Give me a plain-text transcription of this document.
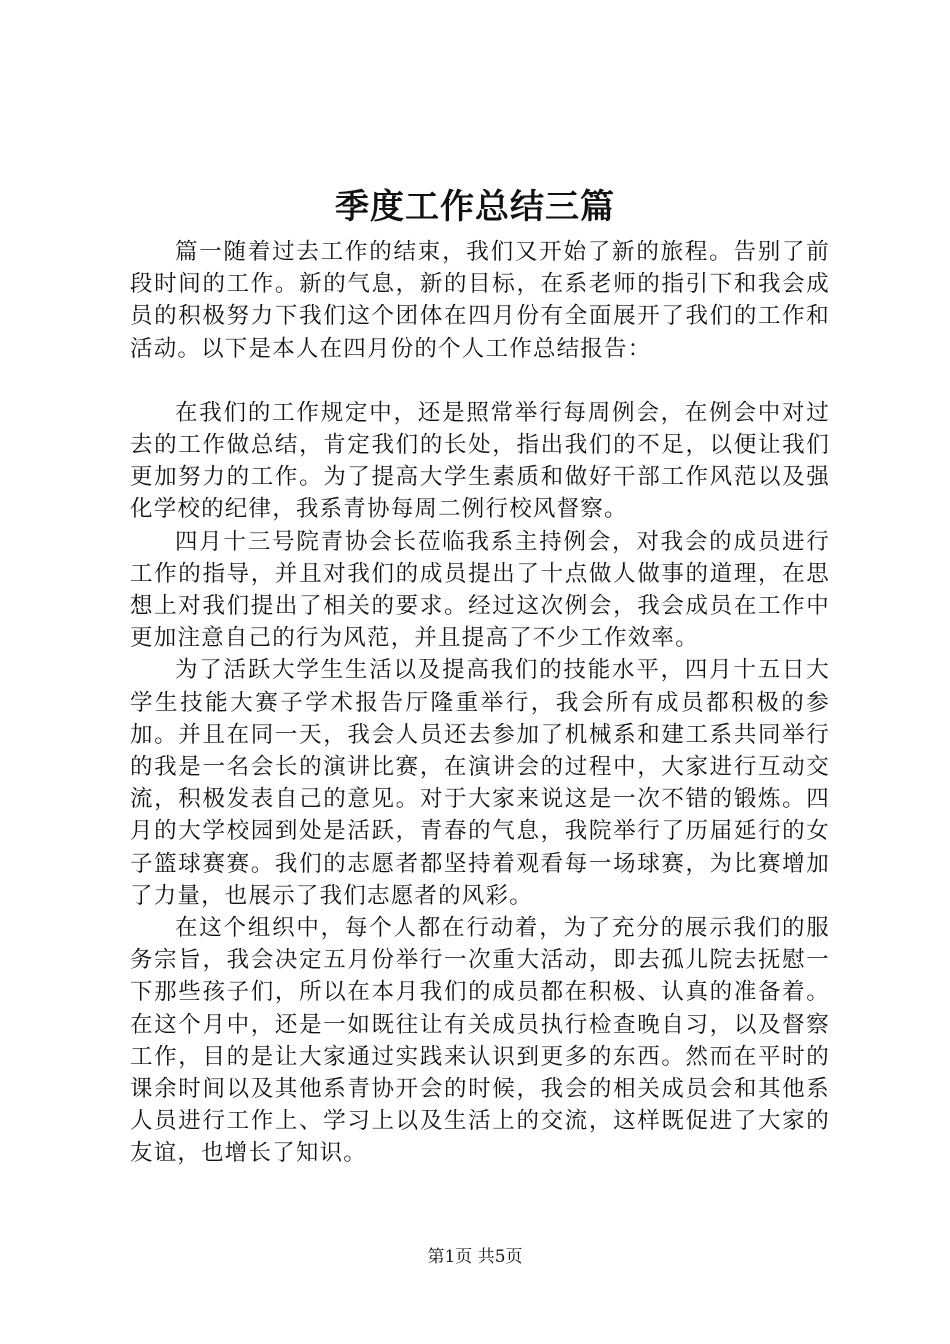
季度工作总结三篇

篇一随着过去工作的结束，我们又开始了新的旅程。告别了前段时间的工作。新的气息，新的目标，在系老师的指引下和我会成员的积极努力下我们这个团体在四月份有全面展开了我们的工作和活动。以下是本人在四月份的个人工作总结报告：

在我们的工作规定中，还是照常举行每周例会，在例会中对过去的工作做总结，肯定我们的长处，指出我们的不足，以便让我们更加努力的工作。为了提高大学生素质和做好干部工作风范以及强化学校的纪律，我系青协每周二例行校风督察。

四月十三号院青协会长莅临我系主持例会，对我会的成员进行工作的指导，并且对我们的成员提出了十点做人做事的道理，在思想上对我们提出了相关的要求。经过这次例会，我会成员在工作中更加注意自己的行为风范，并且提高了不少工作效率。

为了活跃大学生生活以及提高我们的技能水平，四月十五日大学生技能大赛子学术报告厅隆重举行，我会所有成员都积极的参加。并且在同一天，我会人员还去参加了机械系和建工系共同举行的我是一名会长的演讲比赛，在演讲会的过程中，大家进行互动交流，积极发表自己的意见。对于大家来说这是一次不错的锻炼。四月的大学校园到处是活跃，青春的气息，我院举行了历届延行的女子篮球赛赛。我们的志愿者都坚持着观看每一场球赛，为比赛增加了力量，也展示了我们志愿者的风彩。

在这个组织中，每个人都在行动着，为了充分的展示我们的服务宗旨，我会决定五月份举行一次重大活动，即去孤儿院去抚慰一下那些孩子们，所以在本月我们的成员都在积极、认真的准备着。在这个月中，还是一如既往让有关成员执行检查晚自习，以及督察工作，目的是让大家通过实践来认识到更多的东西。然而在平时的课余时间以及其他系青协开会的时候，我会的相关成员会和其他系人员进行工作上、学习上以及生活上的交流，这样既促进了大家的友谊，也增长了知识。

第1页 共5页
